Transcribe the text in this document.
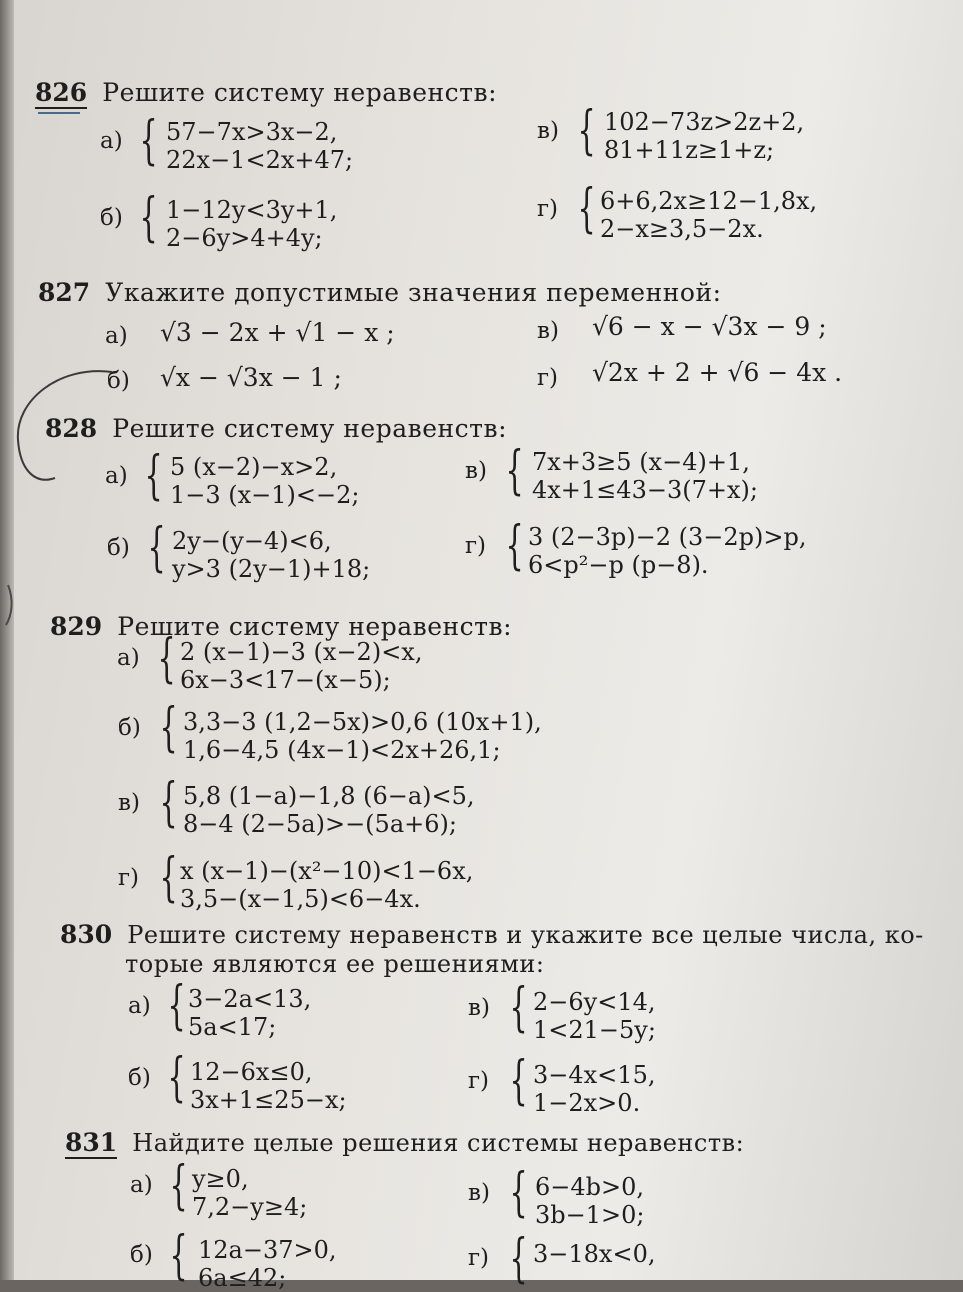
826 Решите систему неравенств:
а) { 57−7x>3x−2,
22x−1<2x+47;
б) { 1−12y<3y+1,
2−6y>4+4y;
в) { 102−73z>2z+2,
81+11z≥1+z;
г) { 6+6,2x≥12−1,8x,
2−x≥3,5−2x.
827 Укажите допустимые значения переменной:
а) √3 − 2x + √1 − x ;
б) √x − √3x − 1 ;
в) √6 − x − √3x − 9 ;
г) √2x + 2 + √6 − 4x .
828 Решите систему неравенств:
а) { 5 (x−2)−x>2,
1−3 (x−1)<−2;
б) { 2y−(y−4)<6,
y>3 (2y−1)+18;
в) { 7x+3≥5 (x−4)+1,
4x+1≤43−3(7+x);
г) { 3 (2−3p)−2 (3−2p)>p,
6<p²−p (p−8).
829 Решите систему неравенств:
а) { 2 (x−1)−3 (x−2)<x,
6x−3<17−(x−5);
б) { 3,3−3 (1,2−5x)>0,6 (10x+1),
1,6−4,5 (4x−1)<2x+26,1;
в) { 5,8 (1−a)−1,8 (6−a)<5,
8−4 (2−5a)>−(5a+6);
г) { x (x−1)−(x²−10)<1−6x,
3,5−(x−1,5)<6−4x.
830 Решите систему неравенств и укажите все целые числа, ко-
торые являются ее решениями:
а) { 3−2a<13,
5a<17;
б) { 12−6x≤0,
3x+1≤25−x;
в) { 2−6y<14,
1<21−5y;
г) { 3−4x<15,
1−2x>0.
831 Найдите целые решения системы неравенств:
а) { y≥0,
7,2−y≥4;
б) { 12a−37>0,
6a≤42;
в) { 6−4b>0,
3b−1>0;
г) { 3−18x<0,
